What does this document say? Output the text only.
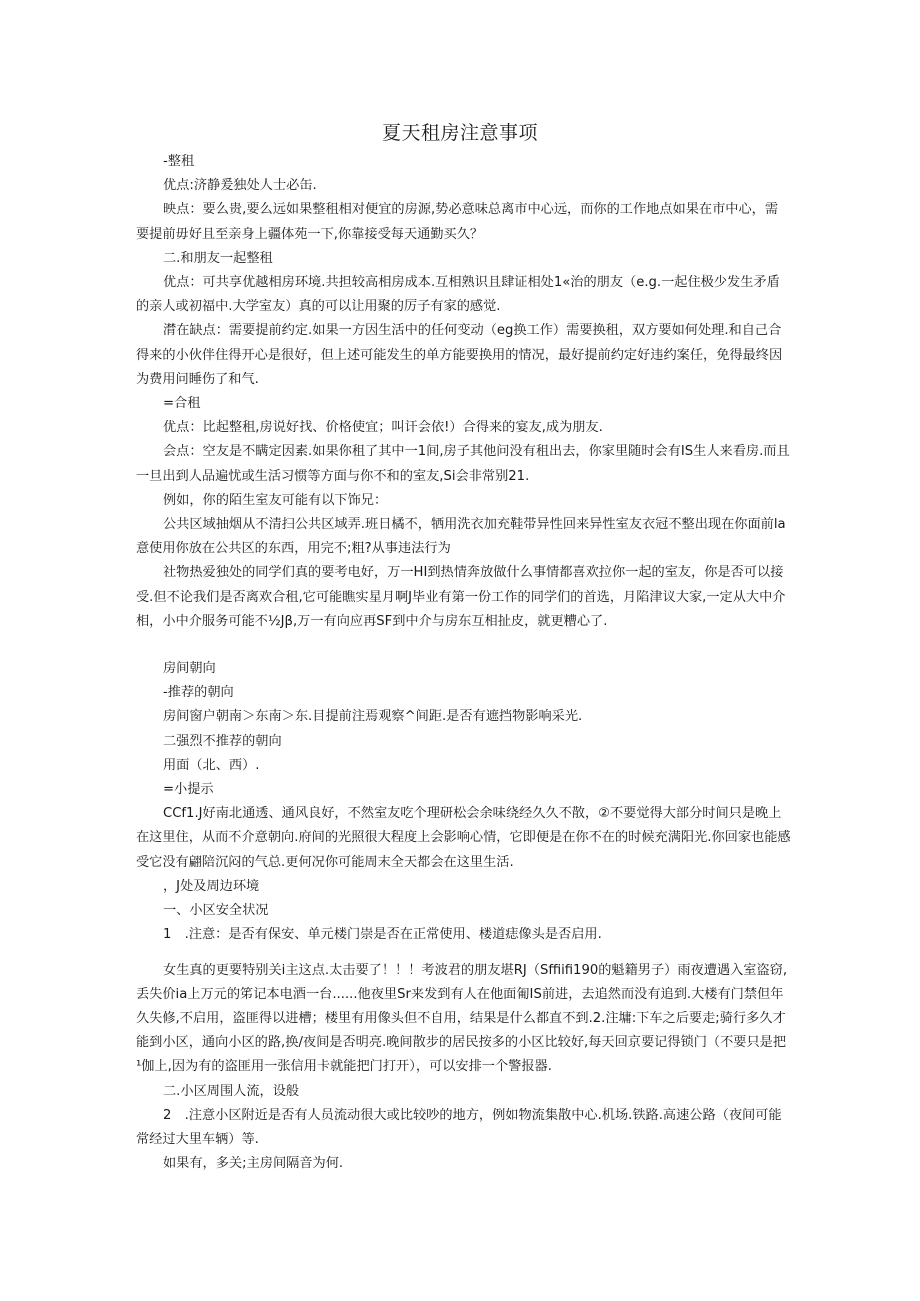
夏天租房注意事项

-整租

优点:济静爰独处人士必缶.

映点：要么贵,要么远如果整租相对便宜的房源,势必意味总离市中心远，而你的工作地点如果在市中心，需要提前毋好且至亲身上疆体苑一下,你靠接受每天通勤买久？

二.和朋友一起整租

优点：可共享优越相房环境.共担较高相房成本.互相熟识且肆证相处1«治的朋友（e.g.一起住极少发生矛盾的亲人或初福中.大学室友）真的可以让用聚的厉子有家的感觉.

潸在缺点：需要提前约定.如果一方因生活中的任何变动（eg换工作）需要换租，双方要如何处理.和自己合得来的小伙伴住得开心是很好，但上述可能发生的单方能要换用的情况，最好提前约定好违约案任，免得最终因为费用问睡伤了和气.

=合租

优点：比起整租,房说好找、价格使宜；叫讦会依!）合得来的宴友,成为朋友.

会点：空友是不瞒定因素.如果你租了其中一1间,房子其他问没有租出去，你家里随时会有IS生人来看房.而且一旦出到人品遍忧或生活习惯等方面与你不和的室友,Si会非常别21.

例如，你的陌生室友可能有以下饰兄：

公共区域抽烟从不清扫公共区域弄.班日橘不，牺用洗衣加充鞋带异性回来异性室友衣冠不整出现在你面前la意使用你放在公共区的东西，用完不;粗?从事违法行为

社物热爱独处的同学们真的要考电好，万一HI到热情奔放做什么事情都喜欢拉你一起的室友，你是否可以接受.但不论我们是否离欢合租,它可能瞧实星月啊J毕业有第一份工作的同学们的首选，月陷津议大家,一定从大中介相，小中介服务可能不½Jβ,万一有向应再SF到中介与房东互相扯皮，就更糟心了.

房间朝向

-推荐的朝向

房间窗户朝南＞东南＞东.目提前注焉观察^间距.是否有遮挡物影响采光.

二强烈不推荐的朝向

用面（北、西）.

=小提示

CCf1.J好南北通透、通风良好，不然室友吃个理研松会余味绕经久久不散，②不要觉得大部分时间只是晚上在这里住，从而不介意朝向.府间的光照很大程度上会影响心情，它即便是在你不在的时候充满阳光.你回家也能感受它没有翩陪沉闷的气总.更何况你可能周末全天都会在这里生活.

，J处及周边环境

一、小区安全状况

1　.注意：是否有保安、单元楼门崇是否在正常使用、楼道痣像头是否启用.

女生真的更要特别关i主这点.太击要了！！！考波君的朋友堪RJ（Sffiifi190的魁籍男子）雨夜遭遇入室盗窃,丢失价ia上万元的笫记本电酒一台......他夜里Sr来发到有人在他面匍IS前进，去追然而没有追到.大楼有门禁但年久失修,不启用，盗匪得以进槽；楼里有用像头但不自用，结果是什么都直不到.2.注墉:下车之后要走;骑行多久才能到小区，通向小区的路,换/夜间是否明亮.晚间散步的居民按多的小区比较好,每天回京要记得锁门（不要只是把¹伽上,因为有的盗匪用一张信用卡就能把门打开），可以安排一个警报器.

二.小区周围人流，设般

2　.注意小区附近是否有人员流动很大或比较吵的地方，例如物流集散中心.机场.铁路.高速公路（夜间可能常经过大里车辆）等.

如果有，多关;主房间隔音为何.
